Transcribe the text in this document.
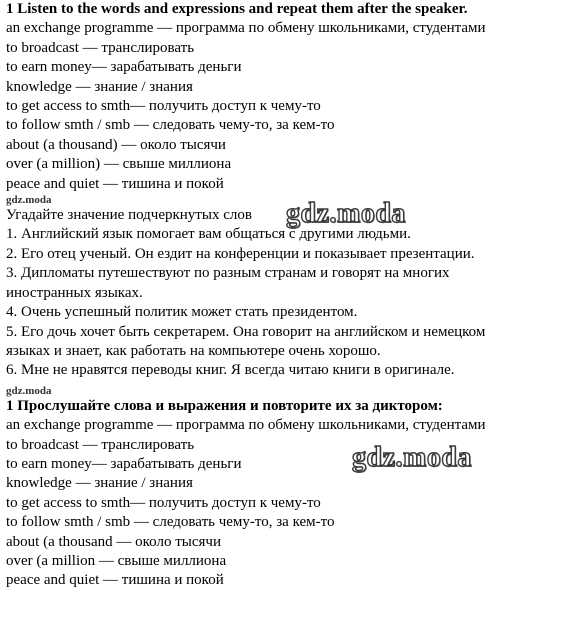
1 Listen to the words and expressions and repeat them after the speaker.
an exchange programme — программа по обмену школьниками, студентами
to broadcast — транслировать
to earn money— зарабатывать деньги
knowledge — знание / знания
to get access to smth— получить доступ к чему-то
to follow smth / smb — следовать чему-то, за кем-то
about (a thousand) — около тысячи
over (a million) — свыше миллиона
peace and quiet — тишина и покой
gdz.moda
Угадайте значение подчеркнутых слов
1. Английский язык помогает вам общаться с другими людьми.
2. Его отец ученый. Он ездит на конференции и показывает презентации.
3. Дипломаты путешествуют по разным странам и говорят на многих
иностранных языках.
4. Очень успешный политик может стать президентом.
5. Его дочь хочет быть секретарем. Она говорит на английском и немецком
языках и знает, как работать на компьютере очень хорошо.
6. Мне не нравятся переводы книг. Я всегда читаю книги в оригинале.
gdz.moda
1 Прослушайте слова и выражения и повторите их за диктором:
an exchange programme — программа по обмену школьниками, студентами
to broadcast — транслировать
to earn money— зарабатывать деньги
knowledge — знание / знания
to get access to smth— получить доступ к чему-то
to follow smth / smb — следовать чему-то, за кем-то
about (a thousand — около тысячи
over (a million — свыше миллиона
peace and quiet — тишина и покой
gdz.moda
gdz.moda
